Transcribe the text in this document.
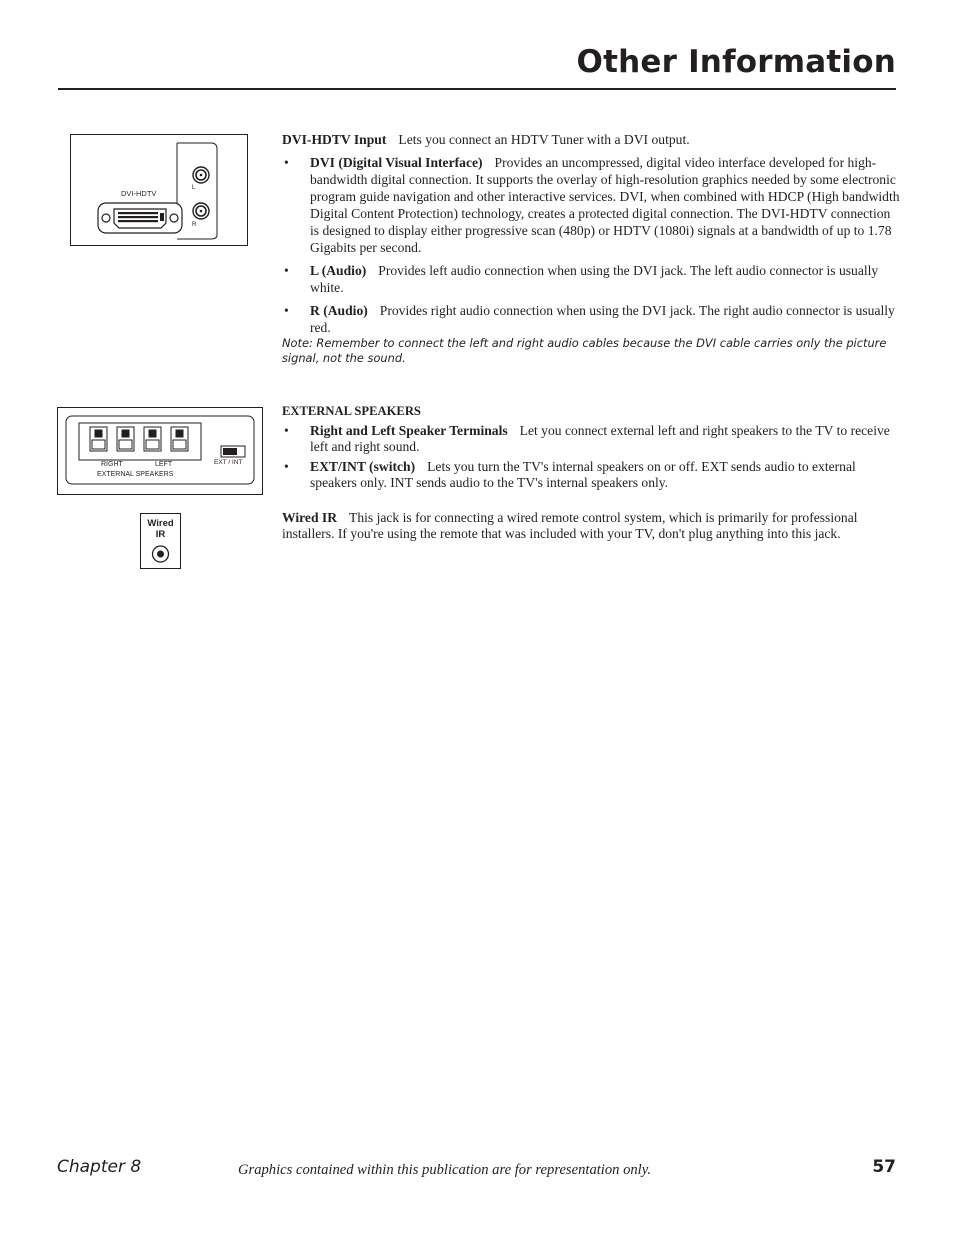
Other Information
DVI-HDTV
L
R
RIGHT	LEFT
EXTERNAL SPEAKERS
EXT / INT
Wired IR

DVI-HDTV Input Lets you connect an HDTV Tuner with a DVI output.

• DVI (Digital Visual Interface) Provides an uncompressed, digital video interface developed for high-bandwidth digital connection. It supports the overlay of high-resolution graphics needed by some electronic program guide navigation and other interactive services. DVI, when combined with HDCP (High bandwidth Digital Content Protection) technology, creates a protected digital connection. The DVI-HDTV connection is designed to display either progressive scan (480p) or HDTV (1080i) signals at a bandwidth of up to 1.78 Gigabits per second.
• L (Audio) Provides left audio connection when using the DVI jack. The left audio connector is usually white.
• R (Audio) Provides right audio connection when using the DVI jack. The right audio connector is usually red.

Note: Remember to connect the left and right audio cables because the DVI cable carries only the picture signal, not the sound.

EXTERNAL SPEAKERS

• Right and Left Speaker Terminals Let you connect external left and right speakers to the TV to receive left and right sound.
• EXT/INT (switch) Lets you turn the TV's internal speakers on or off. EXT sends audio to external speakers only. INT sends audio to the TV's internal speakers only.

Wired IR This jack is for connecting a wired remote control system, which is primarily for professional installers. If you're using the remote that was included with your TV, don't plug anything into this jack.

Chapter 8	Graphics contained within this publication are for representation only.	57
